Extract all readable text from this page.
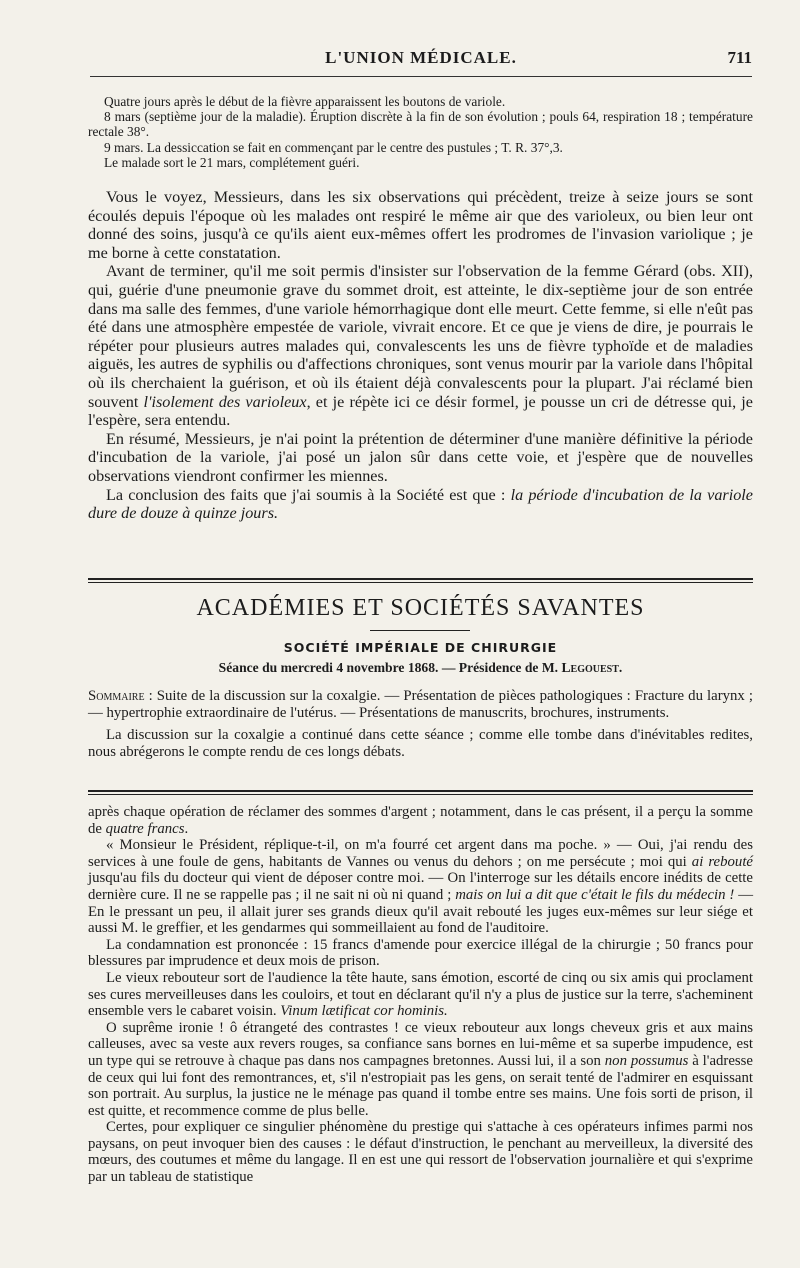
L'UNION MÉDICALE.	711

Quatre jours après le début de la fièvre apparaissent les boutons de variole.

8 mars (septième jour de la maladie). Éruption discrète à la fin de son évolution ; pouls 64, respiration 18 ; température rectale 38°.

9 mars. La dessiccation se fait en commençant par le centre des pustules ; T. R. 37°,3.

Le malade sort le 21 mars, complétement guéri.

Vous le voyez, Messieurs, dans les six observations qui précèdent, treize à seize jours se sont écoulés depuis l'époque où les malades ont respiré le même air que des varioleux, ou bien leur ont donné des soins, jusqu'à ce qu'ils aient eux-mêmes offert les prodromes de l'invasion variolique ; je me borne à cette constatation.

Avant de terminer, qu'il me soit permis d'insister sur l'observation de la femme Gérard (obs. XII), qui, guérie d'une pneumonie grave du sommet droit, est atteinte, le dix-septième jour de son entrée dans ma salle des femmes, d'une variole hémorrhagique dont elle meurt. Cette femme, si elle n'eût pas été dans une atmosphère empestée de variole, vivrait encore. Et ce que je viens de dire, je pourrais le répéter pour plusieurs autres malades qui, convalescents les uns de fièvre typhoïde et de maladies aiguës, les autres de syphilis ou d'affections chroniques, sont venus mourir par la variole dans l'hôpital où ils cherchaient la guérison, et où ils étaient déjà convalescents pour la plupart. J'ai réclamé bien souvent l'isolement des varioleux, et je répète ici ce désir formel, je pousse un cri de détresse qui, je l'espère, sera entendu.

En résumé, Messieurs, je n'ai point la prétention de déterminer d'une manière définitive la période d'incubation de la variole, j'ai posé un jalon sûr dans cette voie, et j'espère que de nouvelles observations viendront confirmer les miennes.

La conclusion des faits que j'ai soumis à la Société est que : la période d'incubation de la variole dure de douze à quinze jours.

ACADÉMIES ET SOCIÉTÉS SAVANTES
SOCIÉTÉ IMPÉRIALE DE CHIRURGIE
Séance du mercredi 4 novembre 1868. — Présidence de M. Legouest.

Sommaire : Suite de la discussion sur la coxalgie. — Présentation de pièces pathologiques : Fracture du larynx ; — hypertrophie extraordinaire de l'utérus. — Présentations de manuscrits, brochures, instruments.

La discussion sur la coxalgie a continué dans cette séance ; comme elle tombe dans d'inévitables redites, nous abrégerons le compte rendu de ces longs débats.

après chaque opération de réclamer des sommes d'argent ; notamment, dans le cas présent, il a perçu la somme de quatre francs.

« Monsieur le Président, réplique-t-il, on m'a fourré cet argent dans ma poche. » — Oui, j'ai rendu des services à une foule de gens, habitants de Vannes ou venus du dehors ; on me persécute ; moi qui ai rebouté jusqu'au fils du docteur qui vient de déposer contre moi. — On l'interroge sur les détails encore inédits de cette dernière cure. Il ne se rappelle pas ; il ne sait ni où ni quand ; mais on lui a dit que c'était le fils du médecin ! — En le pressant un peu, il allait jurer ses grands dieux qu'il avait rebouté les juges eux-mêmes sur leur siége et aussi M. le greffier, et les gendarmes qui sommeillaient au fond de l'auditoire.

La condamnation est prononcée : 15 francs d'amende pour exercice illégal de la chirurgie ; 50 francs pour blessures par imprudence et deux mois de prison.

Le vieux rebouteur sort de l'audience la tête haute, sans émotion, escorté de cinq ou six amis qui proclament ses cures merveilleuses dans les couloirs, et tout en déclarant qu'il n'y a plus de justice sur la terre, s'acheminent ensemble vers le cabaret voisin. Vinum lætificat cor hominis.

O suprême ironie ! ô étrangeté des contrastes ! ce vieux rebouteur aux longs cheveux gris et aux mains calleuses, avec sa veste aux revers rouges, sa confiance sans bornes en lui-même et sa superbe impudence, est un type qui se retrouve à chaque pas dans nos campagnes bretonnes. Aussi lui, il a son non possumus à l'adresse de ceux qui lui font des remontrances, et, s'il n'estropiait pas les gens, on serait tenté de l'admirer en esquissant son portrait. Au surplus, la justice ne le ménage pas quand il tombe entre ses mains. Une fois sorti de prison, il est quitte, et recommence comme de plus belle.

Certes, pour expliquer ce singulier phénomène du prestige qui s'attache à ces opérateurs infimes parmi nos paysans, on peut invoquer bien des causes : le défaut d'instruction, le penchant au merveilleux, la diversité des mœurs, des coutumes et même du langage. Il en est une qui ressort de l'observation journalière et qui s'exprime par un tableau de statistique
